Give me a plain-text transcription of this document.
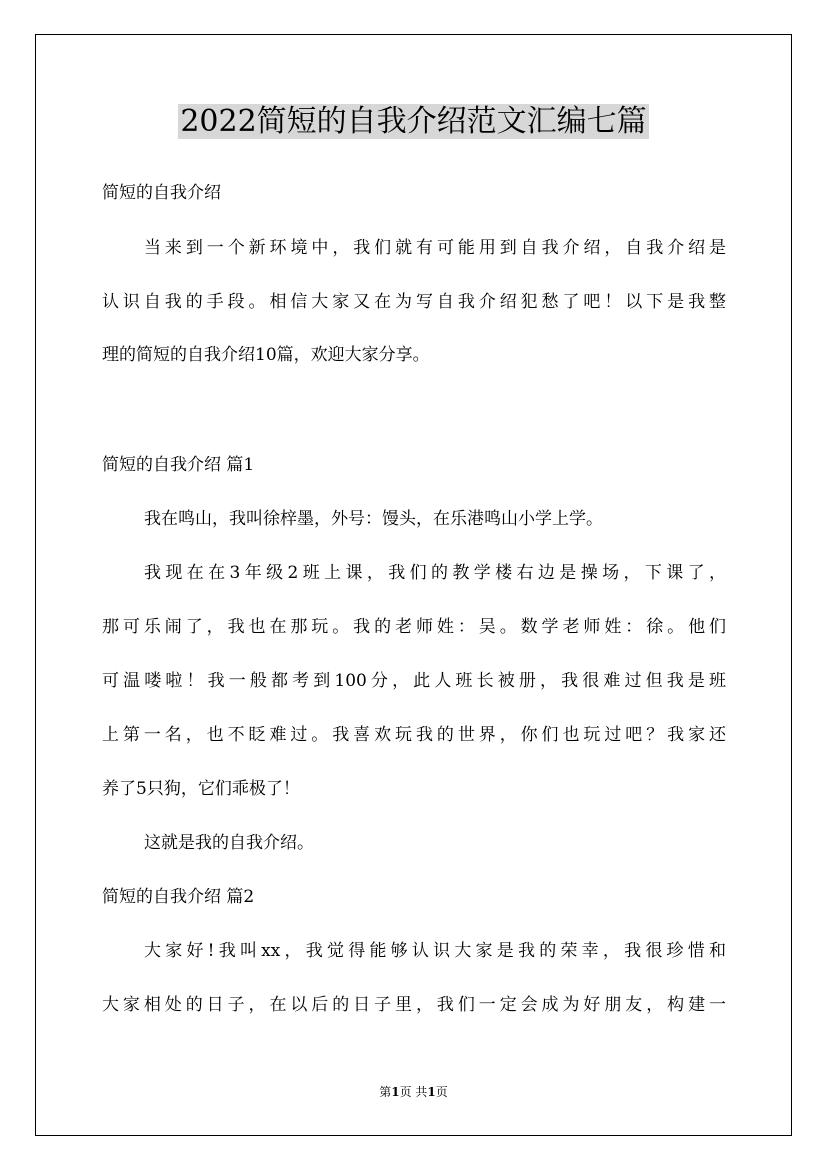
2022简短的自我介绍范文汇编七篇
简短的自我介绍
当来到一个新环境中，我们就有可能用到自我介绍，自我介绍是
认识自我的手段。相信大家又在为写自我介绍犯愁了吧！以下是我整
理的简短的自我介绍10篇，欢迎大家分享。
简短的自我介绍 篇1
我在鸣山，我叫徐梓墨，外号：馒头，在乐港鸣山小学上学。
我现在在3年级2班上课，我们的教学楼右边是操场，下课了，
那可乐闹了，我也在那玩。我的老师姓：吴。数学老师姓：徐。他们
可温喽啦！我一般都考到100分，此人班长被册，我很难过但我是班
上第一名，也不眨难过。我喜欢玩我的世界，你们也玩过吧？我家还
养了5只狗，它们乖极了！
这就是我的自我介绍。
简短的自我介绍 篇2
大家好!我叫xx，我觉得能够认识大家是我的荣幸，我很珍惜和
大家相处的日子，在以后的日子里，我们一定会成为好朋友，构建一
第1页 共1页
